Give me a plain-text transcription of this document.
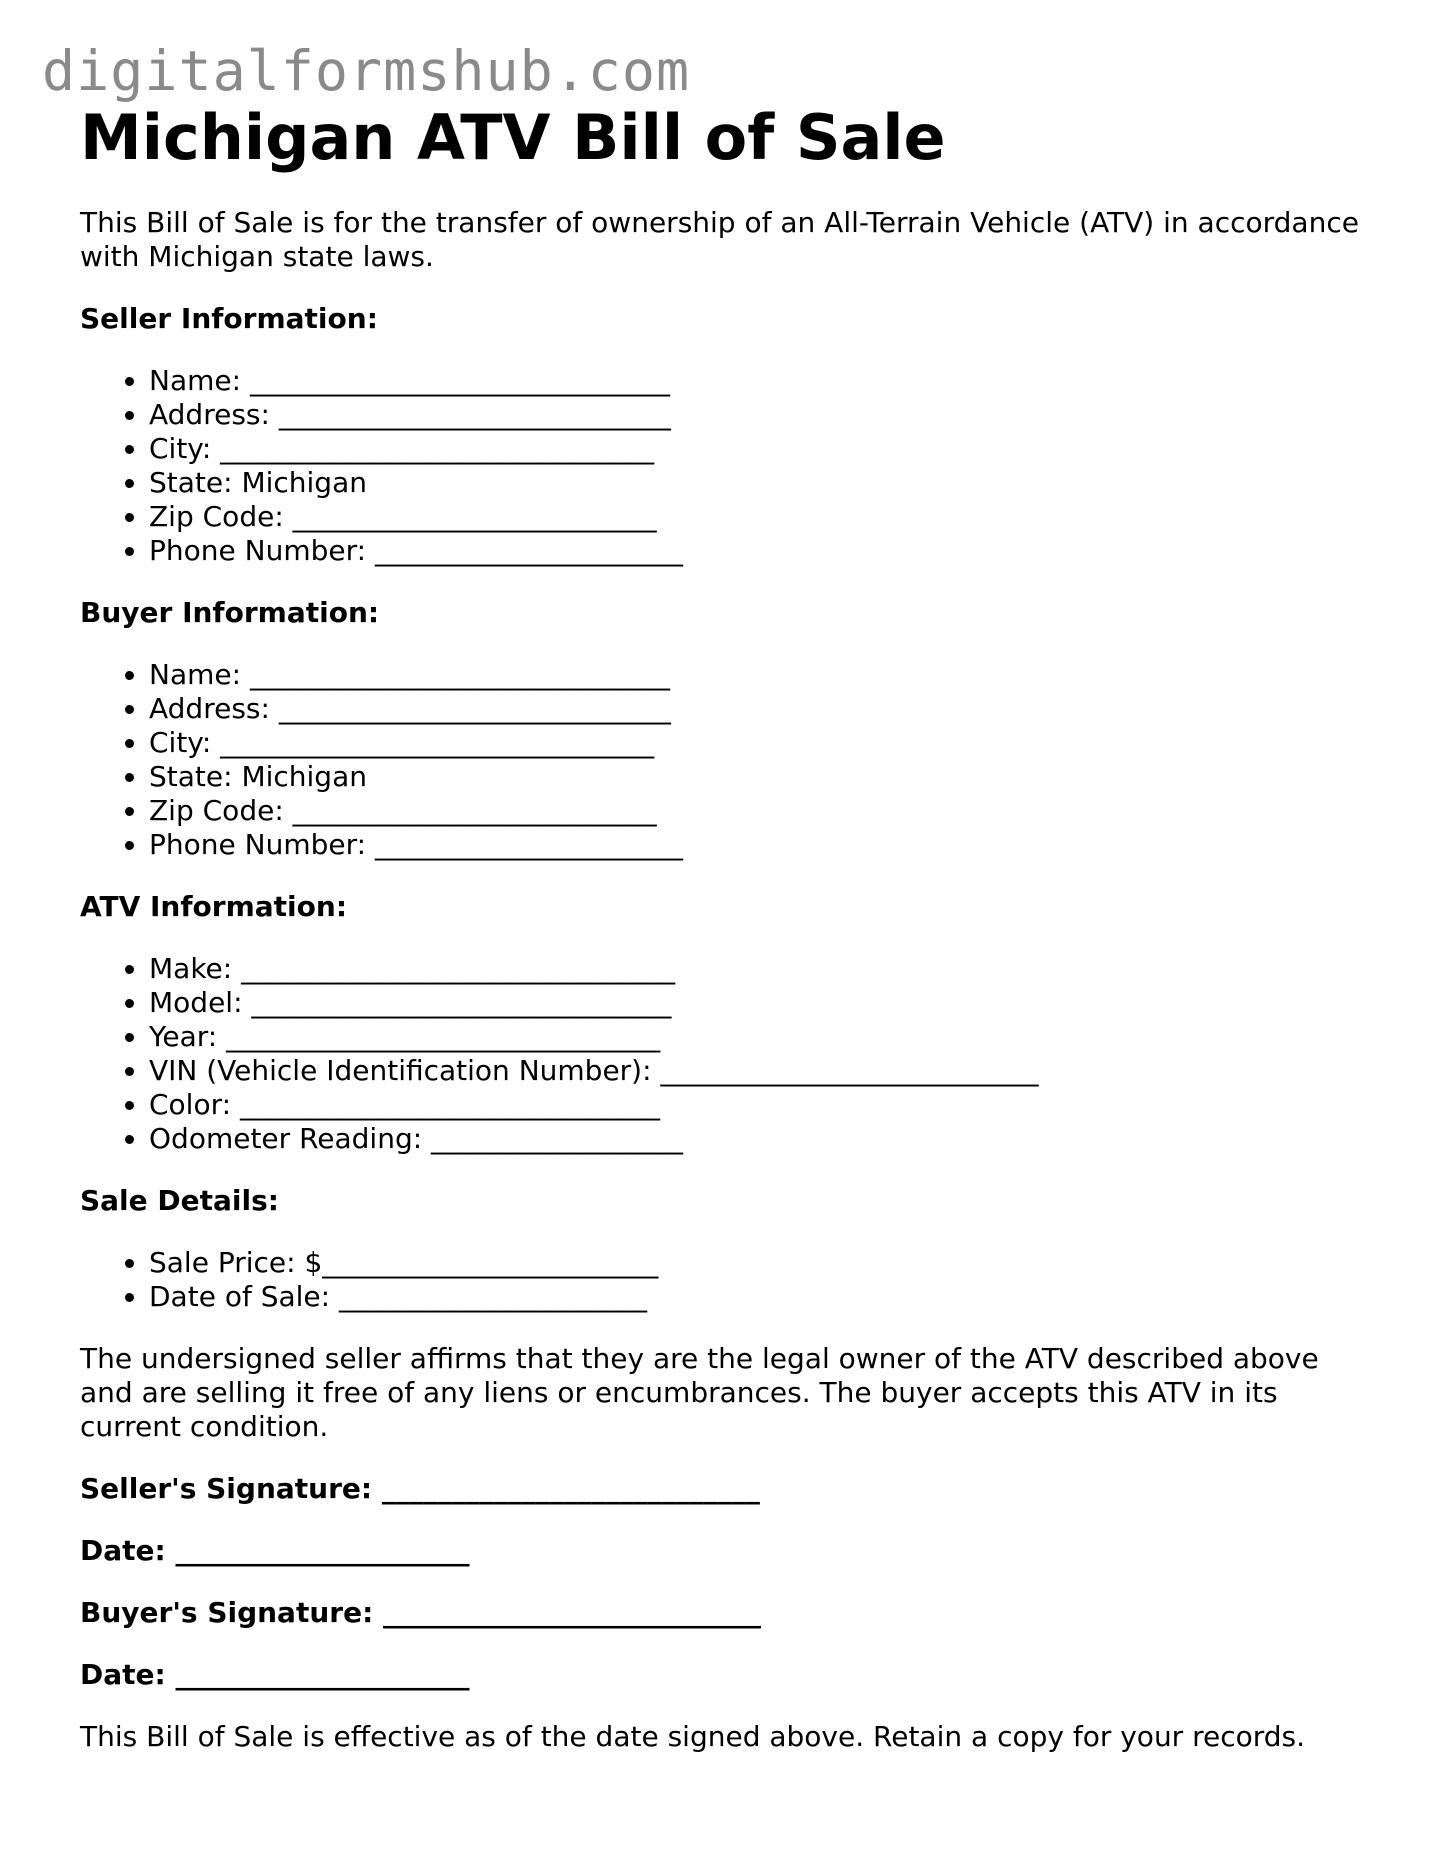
digitalformshub.com
Michigan ATV Bill of Sale

This Bill of Sale is for the transfer of ownership of an All-Terrain Vehicle (ATV) in accordance with Michigan state laws.

Seller Information:
• Name: ______________________________
• Address: ____________________________
• City: _______________________________
• State: Michigan
• Zip Code: __________________________
• Phone Number: ______________________
Buyer Information:
• Name: ______________________________
• Address: ____________________________
• City: _______________________________
• State: Michigan
• Zip Code: __________________________
• Phone Number: ______________________
ATV Information:
• Make: _______________________________
• Model: ______________________________
• Year: _______________________________
• VIN (Vehicle Identification Number): ___________________________
• Color: ______________________________
• Odometer Reading: __________________
Sale Details:
• Sale Price: $________________________
• Date of Sale: ______________________

The undersigned seller affirms that they are the legal owner of the ATV described above and are selling it free of any liens or encumbrances. The buyer accepts this ATV in its current condition.

Seller's Signature: ___________________________
Date: _____________________
Buyer's Signature: ___________________________
Date: _____________________

This Bill of Sale is effective as of the date signed above. Retain a copy for your records.
